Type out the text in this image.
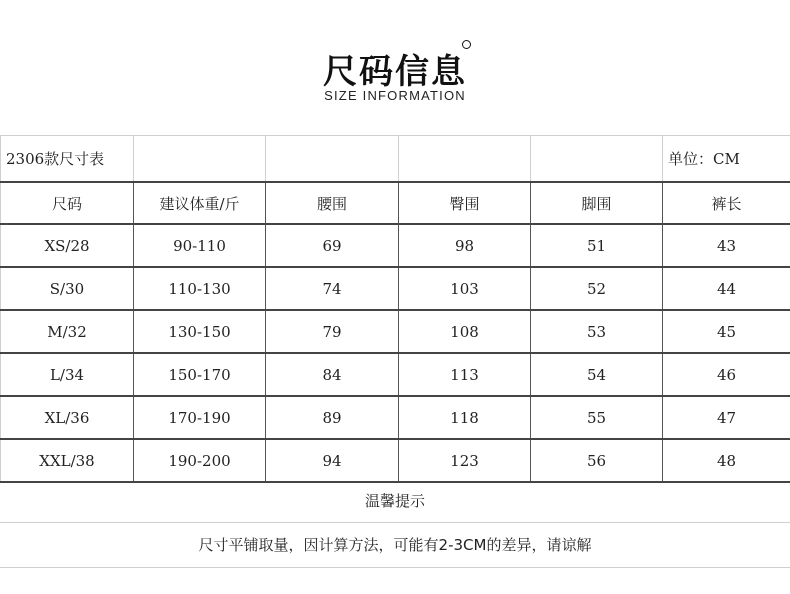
尺码信息
SIZE INFORMATION
2306款尺寸表					单位：CM
尺码	建议体重/斤	腰围	臀围	脚围	裤长
XS/28	90-110	69	98	51	43
S/30	110-130	74	103	52	44
M/32	130-150	79	108	53	45
L/34	150-170	84	113	54	46
XL/36	170-190	89	118	55	47
XXL/38	190-200	94	123	56	48
温馨提示
尺寸平铺取量，因计算方法，可能有2-3CM的差异，请谅解
